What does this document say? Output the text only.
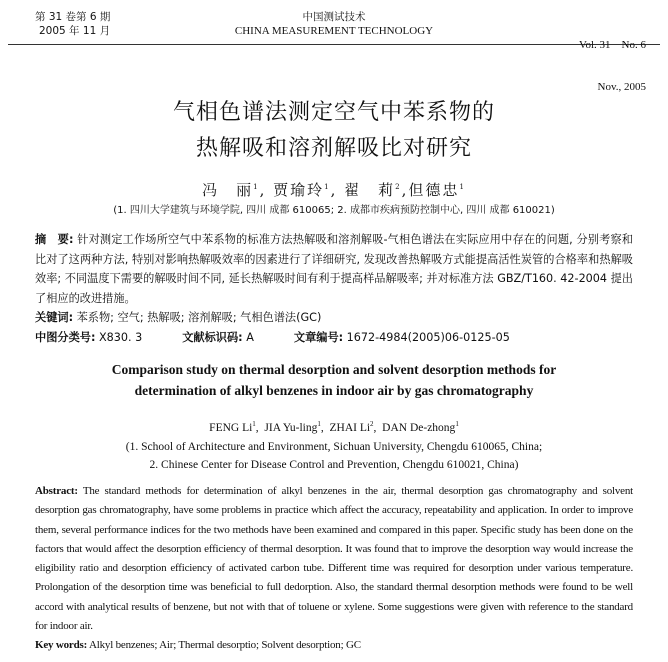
第 31 卷第 6 期
2005 年 11 月
中国测试技术
CHINA MEASUREMENT TECHNOLOGY

Vol. 31    No. 6

Nov., 2005

气相色谱法测定空气中苯系物的
热解吸和溶剂解吸比对研究
冯　丽$^1$, 贾瑜玲$^1$, 翟　莉$^2$,但德忠$^1$
(1. 四川大学建筑与环境学院, 四川 成都 610065; 2. 成都市疾病预防控制中心, 四川 成都 610021)
摘　要: 针对测定工作场所空气中苯系物的标准方法热解吸和溶剂解吸-气相色谱法在实际应用中存在的问题, 分别考察和比对了这两种方法, 特别对影响热解吸效率的因素进行了详细研究, 发现改善热解吸方式能提高活性炭管的合格率和热解吸效率; 不同温度下需要的解吸时间不同, 延长热解吸时间有利于提高样品解吸率; 并对标准方法 GBZ/T160. 42-2004 提出了相应的改进措施。
关键词: 苯系物; 空气; 热解吸; 溶剂解吸; 气相色谱法(GC)
中图分类号: X830. 3	文献标识码: A	文章编号: 1672-4984(2005)06-0125-05
Comparison study on thermal desorption and solvent desorption methods for
determination of alkyl benzenes in indoor air by gas chromatography
FENG Li$^1$,  JIA Yu-ling$^1$,  ZHAI Li$^2$,  DAN De-zhong$^1$
(1. School of Architecture and Environment, Sichuan University, Chengdu 610065, China;
2. Chinese Center for Disease Control and Prevention, Chengdu 610021, China)
Abstract: The standard methods for determination of alkyl benzenes in the air, thermal desorption gas chromatography and solvent desorption gas chromatography, have some problems in practice which affect the accuracy, repeatability and application. In order to improve them, several performance indices for the two methods have been examined and compared in this paper. Specific study has been done on the factors that would affect the desorption efficiency of thermal desorption. It was found that to improve the desorption way would increase the eligibility ratio and desorption efficiency of activated carbon tube. Different time was required for desorption under various temperature. Prolongation of the desorption time was beneficial to full dedorption. Also, the standard thermal desorption methods were found to be well accord with analytical results of benzene, but not with that of toluene or xylene. Some suggestions were given with reference to the standard for indoor air.
Key words: Alkyl benzenes; Air; Thermal desorptio; Solvent desorption; GC
